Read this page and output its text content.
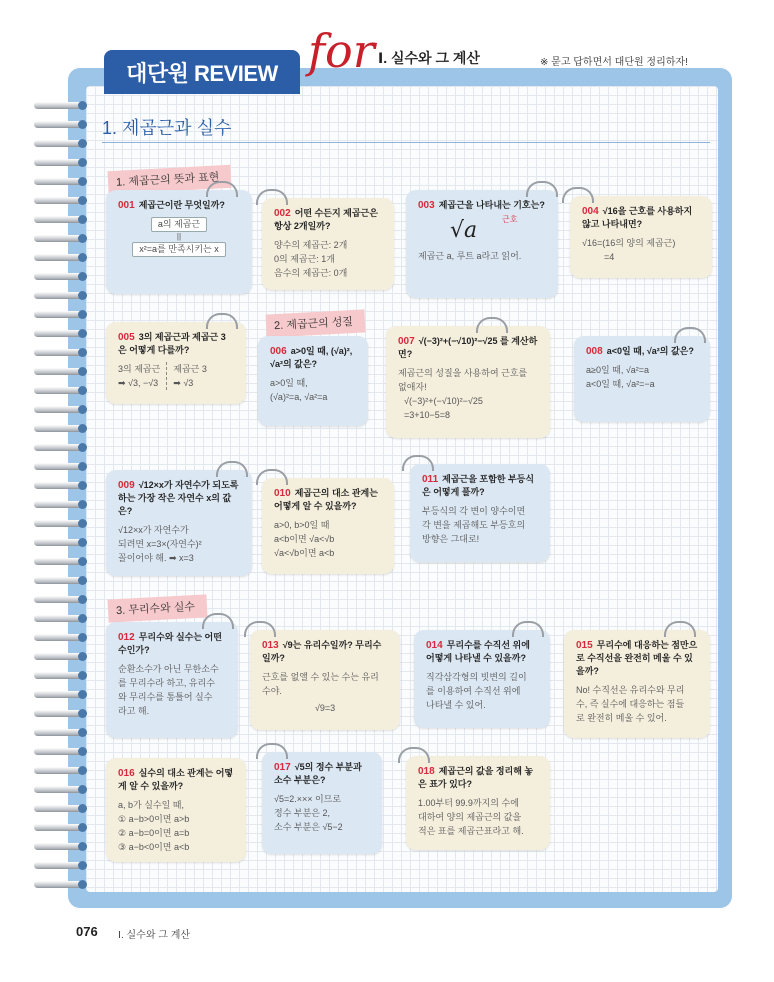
대단원 REVIEW for Ⅰ. 실수와 그 계산	※ 묻고 답하면서 대단원 정리하자!
1. 제곱근과 실수
1. 제곱근의 뜻과 표현
2. 제곱근의 성질
3. 무리수와 실수
001 제곱근이란 무엇일까?
a의 제곱근
||
x²=a를 만족시키는 x
002 어떤 수든지 제곱근은 항상 2개일까?
양수의 제곱근: 2개
0의 제곱근: 1개
음수의 제곱근: 0개
003 제곱근을 나타내는 기호는?
√a	근호
제곱근 a, 루트 a라고 읽어.
004 √16을 근호를 사용하지 않고 나타내면?
√16=(16의 양의 제곱근)
=4
005 3의 제곱근과 제곱근 3은 어떻게 다를까?
3의 제곱근
➡ √3, −√3
제곱근 3
➡ √3
006 a>0일 때, (√a)², √a²의 값은?
a>0일 때,
(√a)²=a, √a²=a
007 √(−3)²+(−√10)²−√25 를 계산하면?
제곱근의 성질을 사용하여 근호를 없애자!
√(−3)²+(−√10)²−√25
=3+10−5=8
008 a<0일 때, √a²의 값은?
a≥0일 때, √a²=a
a<0일 때, √a²=−a
009 √12×x가 자연수가 되도록 하는 가장 작은 자연수 x의 값은?
√12×x가 자연수가
되려면 x=3×(자연수)²
꼴이어야 해. ➡ x=3
010 제곱근의 대소 관계는 어떻게 알 수 있을까?
a>0, b>0일 때
a<b이면 √a<√b
√a<√b이면 a<b
011 제곱근을 포함한 부등식은 어떻게 풀까?
부등식의 각 변이 양수이면
각 변을 제곱해도 부등호의
방향은 그대로!
012 무리수와 실수는 어떤 수인가?
순환소수가 아닌 무한소수
를 무리수라 하고, 유리수
와 무리수를 통틀어 실수
라고 해.
013 √9는 유리수일까? 무리수일까?
근호를 없앨 수 있는 수는 유리
수야.
√9=3
014 무리수를 수직선 위에 어떻게 나타낼 수 있을까?
직각삼각형의 빗변의 길이
를 이용하여 수직선 위에
나타낼 수 있어.
015 무리수에 대응하는 점만으로 수직선을 완전히 메울 수 있을까?
No! 수직선은 유리수와 무리
수, 즉 실수에 대응하는 점들
로 완전히 메울 수 있어.
016 실수의 대소 관계는 어떻게 알 수 있을까?
a, b가 실수일 때,
① a−b>0이면 a>b
② a−b=0이면 a=b
③ a−b<0이면 a<b
017 √5의 정수 부분과 소수 부분은?
√5=2.××× 이므로
정수 부분은 2,
소수 부분은 √5−2
018 제곱근의 값을 정리해 놓은 표가 있다?
1.00부터 99.9까지의 수에
대하여 양의 제곱근의 값을
적은 표를 제곱근표라고 해.
076 Ⅰ. 실수와 그 계산
